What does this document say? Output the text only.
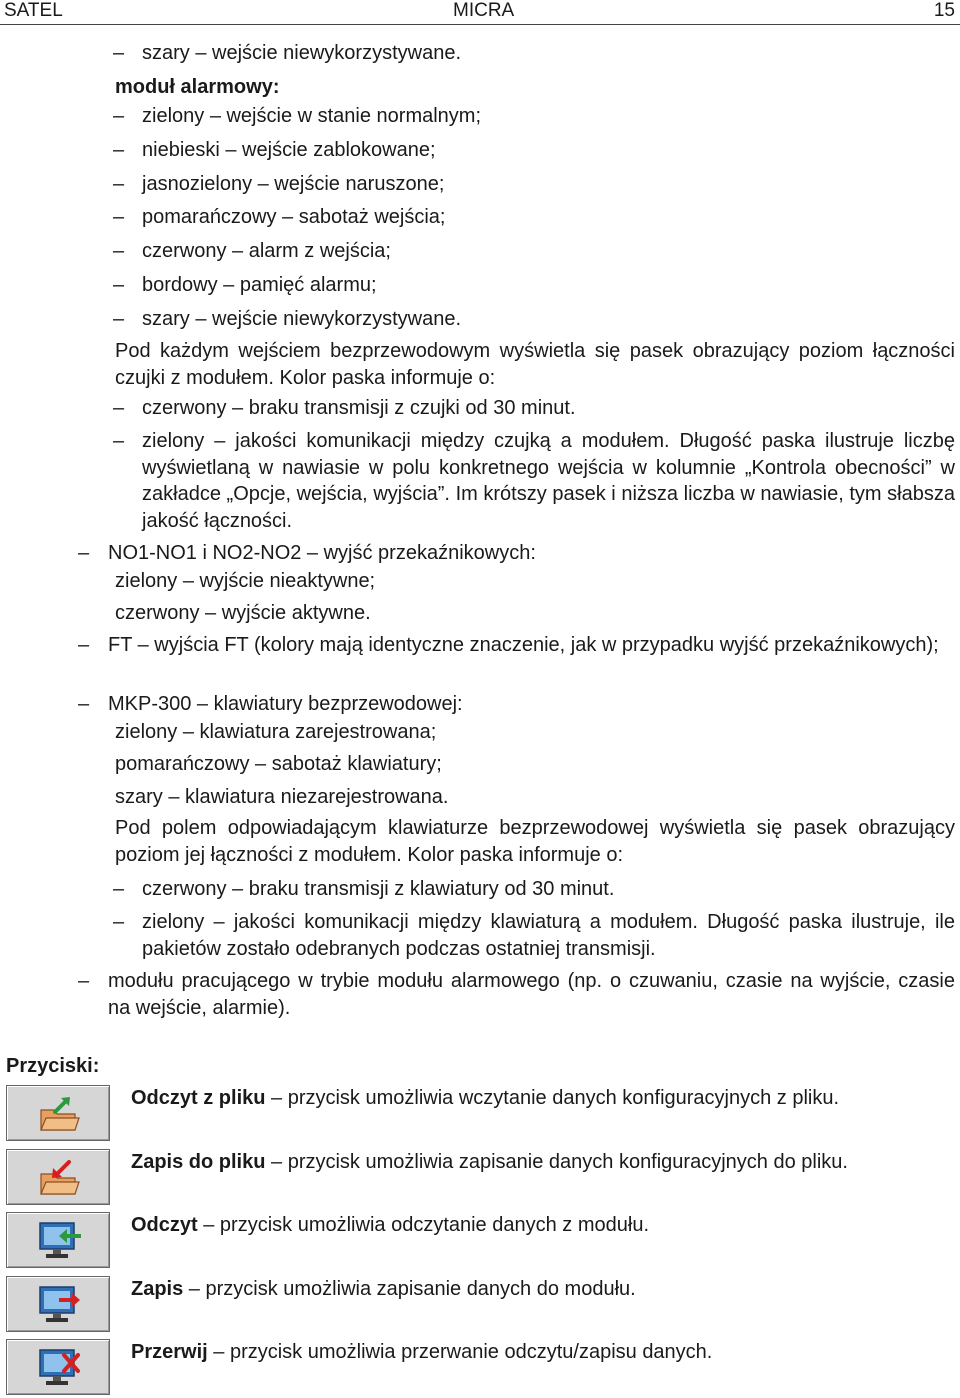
SATEL	MICRA	15
– szary – wejście niewykorzystywane.
moduł alarmowy:
– zielony – wejście w stanie normalnym;
– niebieski – wejście zablokowane;
– jasnozielony – wejście naruszone;
– pomarańczowy – sabotaż wejścia;
– czerwony – alarm z wejścia;
– bordowy – pamięć alarmu;
– szary – wejście niewykorzystywane.
Pod każdym wejściem bezprzewodowym wyświetla się pasek obrazujący poziom łączności czujki z modułem. Kolor paska informuje o:
– czerwony – braku transmisji z czujki od 30 minut.
– zielony – jakości komunikacji między czujką a modułem. Długość paska ilustruje liczbę wyświetlaną w nawiasie w polu konkretnego wejścia w kolumnie „Kontrola obecności” w zakładce „Opcje, wejścia, wyjścia”. Im krótszy pasek i niższa liczba w nawiasie, tym słabsza jakość łączności.
– NO1-NO1 i NO2-NO2 – wyjść przekaźnikowych:
zielony – wyjście nieaktywne;
czerwony – wyjście aktywne.
– FT – wyjścia FT (kolory mają identyczne znaczenie, jak w przypadku wyjść przekaźnikowych);
– MKP-300 – klawiatury bezprzewodowej:
zielony – klawiatura zarejestrowana;
pomarańczowy – sabotaż klawiatury;
szary – klawiatura niezarejestrowana.
Pod polem odpowiadającym klawiaturze bezprzewodowej wyświetla się pasek obrazujący poziom jej łączności z modułem. Kolor paska informuje o:
– czerwony – braku transmisji z klawiatury od 30 minut.
– zielony – jakości komunikacji między klawiaturą a modułem. Długość paska ilustruje, ile pakietów zostało odebranych podczas ostatniej transmisji.
– modułu pracującego w trybie modułu alarmowego (np. o czuwaniu, czasie na wyjście, czasie na wejście, alarmie).
Przyciski:
Odczyt z pliku – przycisk umożliwia wczytanie danych konfiguracyjnych z pliku.
Zapis do pliku – przycisk umożliwia zapisanie danych konfiguracyjnych do pliku.
Odczyt – przycisk umożliwia odczytanie danych z modułu.
Zapis – przycisk umożliwia zapisanie danych do modułu.
Przerwij – przycisk umożliwia przerwanie odczytu/zapisu danych.
